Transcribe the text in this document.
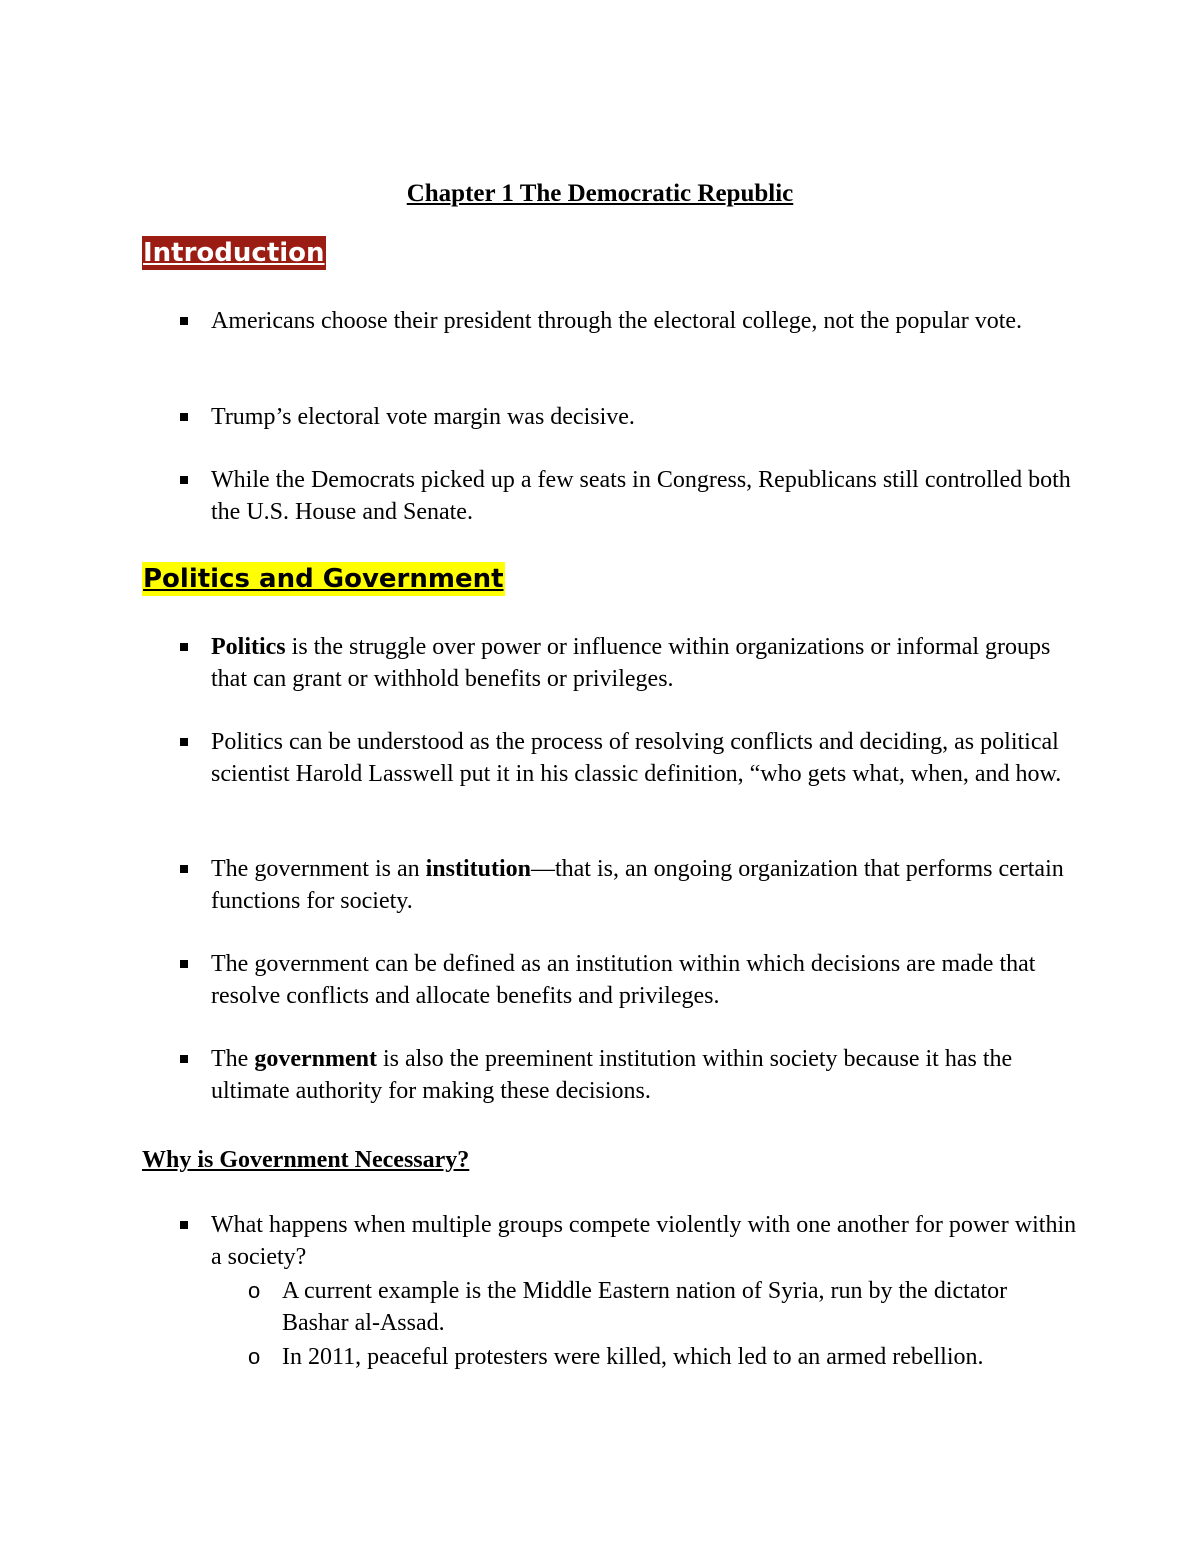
Chapter 1 The Democratic Republic
Introduction
Americans choose their president through the electoral college, not the popular vote.
Trump’s electoral vote margin was decisive.
While the Democrats picked up a few seats in Congress, Republicans still controlled both the U.S. House and Senate.
Politics and Government
Politics is the struggle over power or influence within organizations or informal groups that can grant or withhold benefits or privileges.
Politics can be understood as the process of resolving conflicts and deciding, as political scientist Harold Lasswell put it in his classic definition, “who gets what, when, and how.
The government is an institution—that is, an ongoing organization that performs certain functions for society.
The government can be defined as an institution within which decisions are made that resolve conflicts and allocate benefits and privileges.
The government is also the preeminent institution within society because it has the ultimate authority for making these decisions.
Why is Government Necessary?
What happens when multiple groups compete violently with one another for power within a society?
o A current example is the Middle Eastern nation of Syria, run by the dictator Bashar al-Assad.
o In 2011, peaceful protesters were killed, which led to an armed rebellion.
